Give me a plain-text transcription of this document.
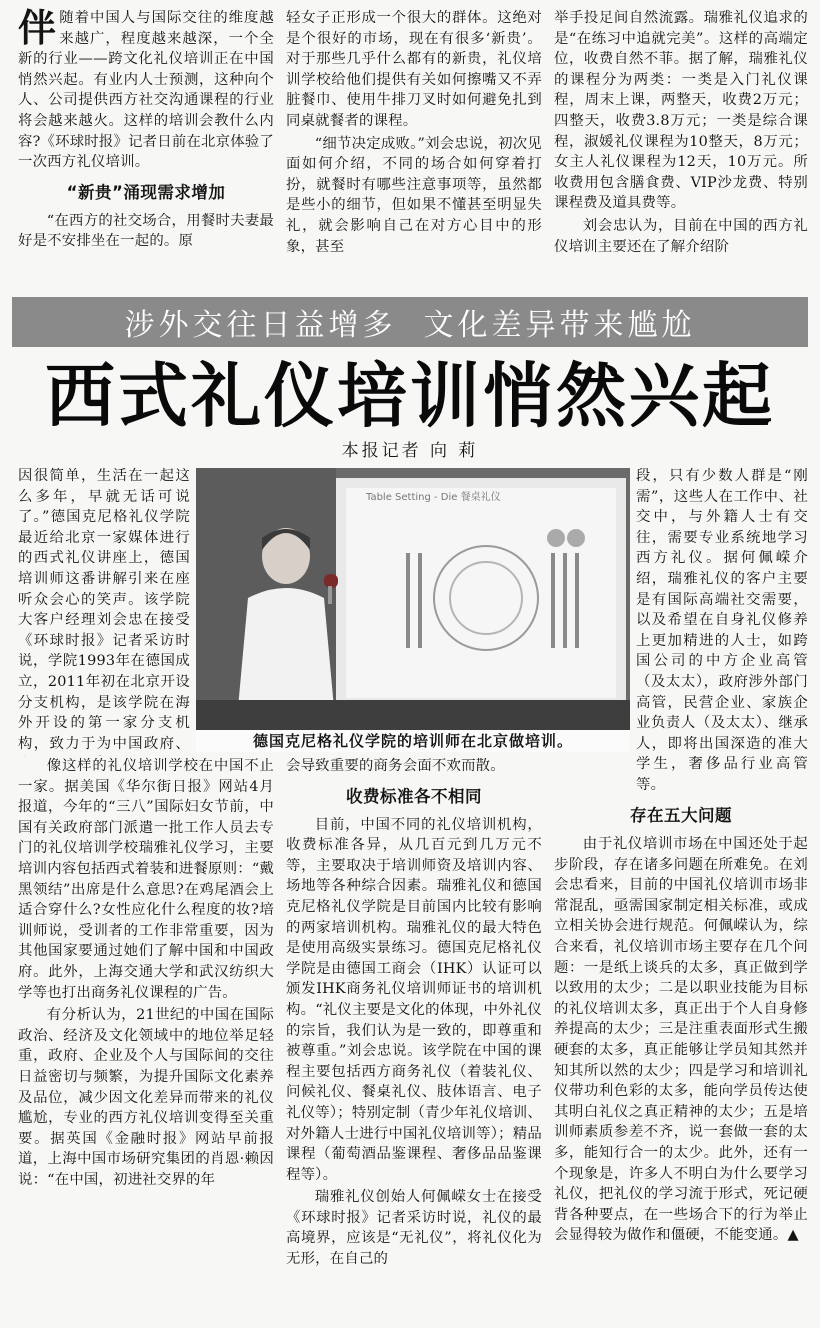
伴随着中国人与国际交往的维度越来越广，程度越来越深，一个全新的行业——跨文化礼仪培训正在中国悄然兴起。有业内人士预测，这种向个人、公司提供西方社交沟通课程的行业将会越来越火。这样的培训会教什么内容?《环球时报》记者日前在北京体验了一次西方礼仪培训。

“新贵”涌现需求增加

“在西方的社交场合，用餐时夫妻最好是不安排坐在一起的。原

轻女子正形成一个很大的群体。这绝对是个很好的市场，现在有很多‘新贵’。对于那些几乎什么都有的新贵，礼仪培训学校给他们提供有关如何擦嘴又不弄脏餐巾、使用牛排刀叉时如何避免扎到同桌就餐者的课程。

“细节决定成败。”刘会忠说，初次见面如何介绍，不同的场合如何穿着打扮，就餐时有哪些注意事项等，虽然都是些小的细节，但如果不懂甚至明显失礼，就会影响自己在对方心目中的形象，甚至

举手投足间自然流露。瑞雅礼仪追求的是“在练习中追就完美”。这样的高端定位，收费自然不菲。据了解，瑞雅礼仪的课程分为两类：一类是入门礼仪课程，周末上课，两整天，收费2万元；四整天，收费3.8万元；一类是综合课程，淑媛礼仪课程为10整天，8万元；女主人礼仪课程为12天，10万元。所收费用包含膳食费、VIP沙龙费、特别课程费及道具费等。

刘会忠认为，目前在中国的西方礼仪培训主要还在了解介绍阶

涉外交往日益增多  文化差异带来尴尬
西式礼仪培训悄然兴起
本报记者 向 莉

因很简单，生活在一起这么多年，早就无话可说了。”德国克尼格礼仪学院最近给北京一家媒体进行的西式礼仪讲座上，德国培训师这番讲解引来在座听众会心的笑声。该学院大客户经理刘会忠在接受《环球时报》记者采访时说，学院1993年在德国成立，2011年初在北京开设分支机构，是该学院在海外开设的第一家分支机构，致力于为中国政府、

像这样的礼仪培训学校在中国不止一家。据美国《华尔街日报》网站4月报道，今年的“三八”国际妇女节前，中国有关政府部门派遣一批工作人员去专门的礼仪培训学校瑞雅礼仪学习，主要培训内容包括西式着装和进餐原则：“戴黑领结”出席是什么意思?在鸡尾酒会上适合穿什么?女性应化什么程度的妆?培训师说，受训者的工作非常重要，因为其他国家要通过她们了解中国和中国政府。此外，上海交通大学和武汉纺织大学等也打出商务礼仪课程的广告。

有分析认为，21世纪的中国在国际政治、经济及文化领域中的地位举足轻重，政府、企业及个人与国际间的交往日益密切与频繁，为提升国际文化素养及品位，减少因文化差异而带来的礼仪尴尬，专业的西方礼仪培训变得至关重要。据英国《金融时报》网站早前报道，上海中国市场研究集团的肖恩·赖因说：“在中国，初进社交界的年

Table Setting - Die 餐桌礼仪
德国克尼格礼仪学院的培训师在北京做培训。

会导致重要的商务会面不欢而散。

收费标准各不相同

目前，中国不同的礼仪培训机构，收费标准各异，从几百元到几万元不等，主要取决于培训师资及培训内容、场地等各种综合因素。瑞雅礼仪和德国克尼格礼仪学院是目前国内比较有影响的两家培训机构。瑞雅礼仪的最大特色是使用高级实景练习。德国克尼格礼仪学院是由德国工商会（IHK）认证可以颁发IHK商务礼仪培训师证书的培训机构。“礼仪主要是文化的体现，中外礼仪的宗旨，我们认为是一致的，即尊重和被尊重。”刘会忠说。该学院在中国的课程主要包括西方商务礼仪（着装礼仪、问候礼仪、餐桌礼仪、肢体语言、电子礼仪等）；特别定制（青少年礼仪培训、对外籍人士进行中国礼仪培训等）；精品课程（葡萄酒品鉴课程、奢侈品品鉴课程等）。

瑞雅礼仪创始人何佩嵘女士在接受《环球时报》记者采访时说，礼仪的最高境界，应该是“无礼仪”，将礼仪化为无形，在自己的

段，只有少数人群是“刚需”，这些人在工作中、社交中，与外籍人士有交往，需要专业系统地学习西方礼仪。据何佩嵘介绍，瑞雅礼仪的客户主要是有国际高端社交需要，以及希望在自身礼仪修养上更加精进的人士，如跨国公司的中方企业高管（及太太），政府涉外部门高管，民营企业、家族企业负责人（及太太）、继承人，即将出国深造的准大学生，奢侈品行业高管等。

存在五大问题

由于礼仪培训市场在中国还处于起步阶段，存在诸多问题在所难免。在刘会忠看来，目前的中国礼仪培训市场非常混乱，亟需国家制定相关标准，或成立相关协会进行规范。何佩嵘认为，综合来看，礼仪培训市场主要存在几个问题：一是纸上谈兵的太多，真正做到学以致用的太少；二是以职业技能为目标的礼仪培训太多，真正出于个人自身修养提高的太少；三是注重表面形式生搬硬套的太多，真正能够让学员知其然并知其所以然的太少；四是学习和培训礼仪带功利色彩的太多，能向学员传达使其明白礼仪之真正精神的太少；五是培训师素质参差不齐，说一套做一套的太多，能知行合一的太少。此外，还有一个现象是，许多人不明白为什么要学习礼仪，把礼仪的学习流于形式，死记硬背各种要点，在一些场合下的行为举止会显得较为做作和僵硬，不能变通。▲
